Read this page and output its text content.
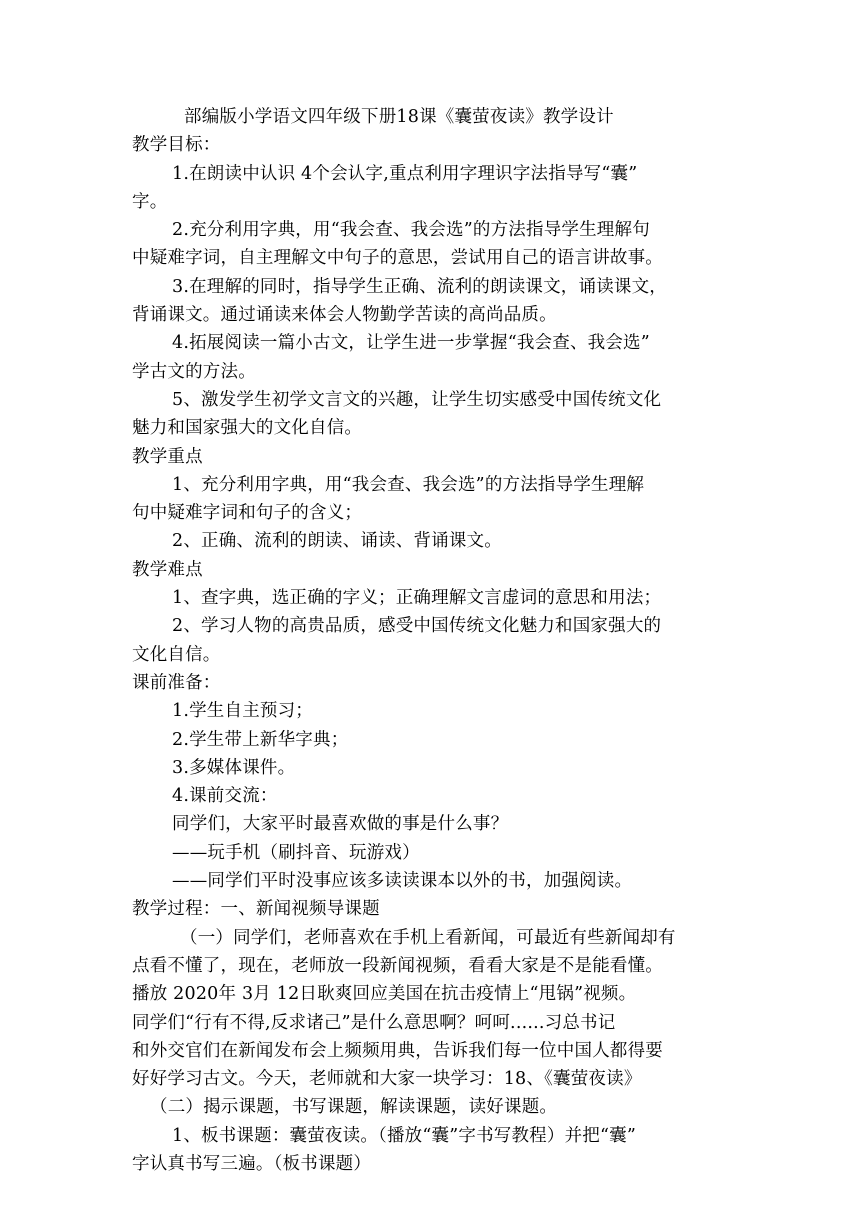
部编版小学语文四年级下册18课《囊萤夜读》教学设计
教学目标：
1.在朗读中认识 4个会认字,重点利用字理识字法指导写“囊”
字。
2.充分利用字典，用“我会查、我会选”的方法指导学生理解句
中疑难字词，自主理解文中句子的意思，尝试用自己的语言讲故事。
3.在理解的同时，指导学生正确、流利的朗读课文，诵读课文，
背诵课文。通过诵读来体会人物勤学苦读的高尚品质。
4.拓展阅读一篇小古文，让学生进一步掌握“我会查、我会选”
学古文的方法。
5、激发学生初学文言文的兴趣，让学生切实感受中国传统文化
魅力和国家强大的文化自信。
教学重点
1、充分利用字典，用“我会查、我会选”的方法指导学生理解
句中疑难字词和句子的含义；
2、正确、流利的朗读、诵读、背诵课文。
教学难点
1、查字典，选正确的字义；正确理解文言虚词的意思和用法；
2、学习人物的高贵品质，感受中国传统文化魅力和国家强大的
文化自信。
课前准备：
1.学生自主预习；
2.学生带上新华字典；
3.多媒体课件。
4.课前交流：
同学们，大家平时最喜欢做的事是什么事？
——玩手机（刷抖音、玩游戏）
——同学们平时没事应该多读读课本以外的书，加强阅读。
教学过程：一、新闻视频导课题
（一）同学们，老师喜欢在手机上看新闻，可最近有些新闻却有
点看不懂了，现在，老师放一段新闻视频，看看大家是不是能看懂。
播放 2020年 3月 12日耿爽回应美国在抗击疫情上“甩锅”视频。
同学们“行有不得,反求诸己”是什么意思啊？呵呵......习总书记
和外交官们在新闻发布会上频频用典，告诉我们每一位中国人都得要
好好学习古文。今天，老师就和大家一块学习：18、《囊萤夜读》
（二）揭示课题，书写课题，解读课题，读好课题。
1、板书课题：囊萤夜读。（播放“囊”字书写教程）并把“囊”
字认真书写三遍。（板书课题）
